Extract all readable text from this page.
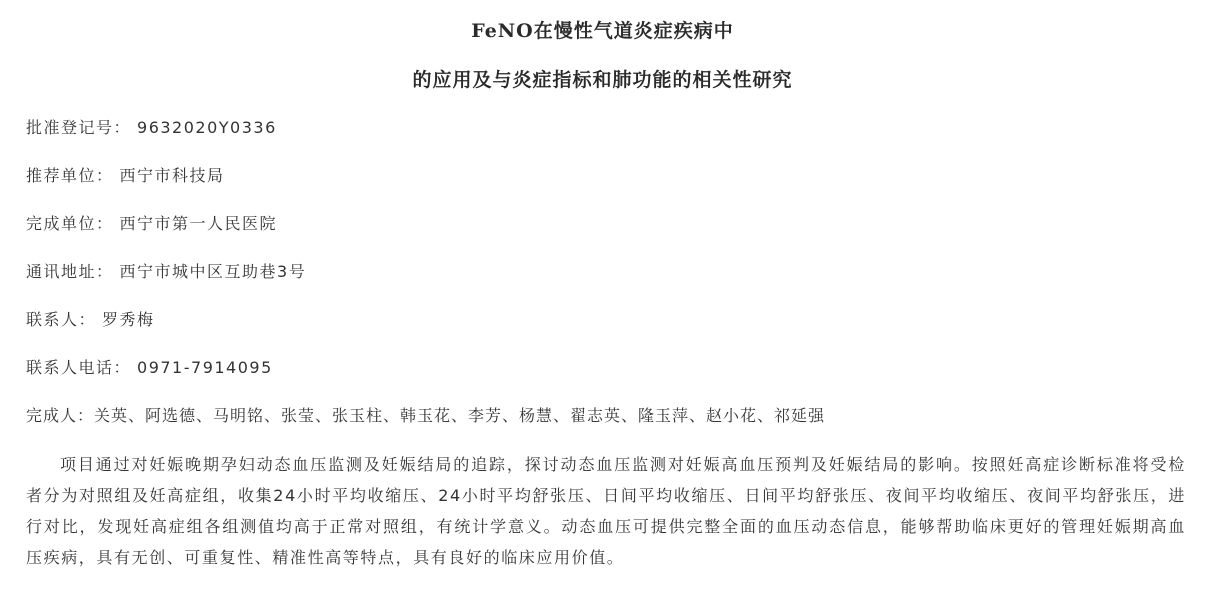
FeNO在慢性气道炎症疾病中
的应用及与炎症指标和肺功能的相关性研究
批准登记号： 9632020Y0336
推荐单位： 西宁市科技局
完成单位： 西宁市第一人民医院
通讯地址： 西宁市城中区互助巷3号
联系人： 罗秀梅
联系人电话： 0971-7914095
完成人：关英、阿选德、马明铭、张莹、张玉柱、韩玉花、李芳、杨慧、翟志英、隆玉萍、赵小花、祁延强

项目通过对妊娠晚期孕妇动态血压监测及妊娠结局的追踪，探讨动态血压监测对妊娠高血压预判及妊娠结局的影响。按照妊高症诊断标准将受检者分为对照组及妊高症组，收集24小时平均收缩压、24小时平均舒张压、日间平均收缩压、日间平均舒张压、夜间平均收缩压、夜间平均舒张压，进行对比，发现妊高症组各组测值均高于正常对照组，有统计学意义。动态血压可提供完整全面的血压动态信息，能够帮助临床更好的管理妊娠期高血压疾病，具有无创、可重复性、精准性高等特点，具有良好的临床应用价值。
